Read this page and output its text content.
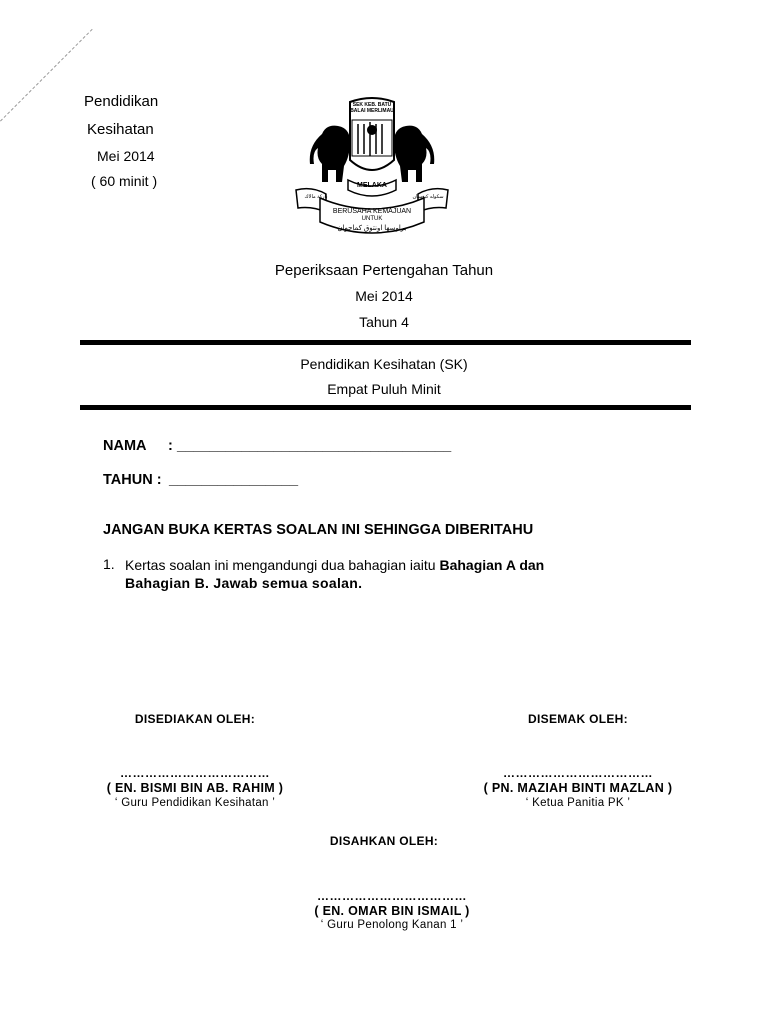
Pendidikan
Kesihatan
Mei 2014
( 60 minit )
SEK KEB. BATU BALAI MERLIMAU
MELAKA
باركة مالاك	سكوله كبغسان
BERUSAHA KEMAJUAN
UNTUK
براوسها اونتوق كماجوان
Peperiksaan Pertengahan Tahun
Mei 2014
Tahun 4
Pendidikan Kesihatan (SK)
Empat Puluh Minit
NAMA : __________________________________
TAHUN : ________________
JANGAN BUKA KERTAS SOALAN INI SEHINGGA DIBERITAHU
1. Kertas soalan ini mengandungi dua bahagian iaitu Bahagian A dan
Bahagian B. Jawab semua soalan.
DISEDIAKAN OLEH:
………………………………
( EN. BISMI BIN AB. RAHIM )
‘ Guru Pendidikan Kesihatan ’
DISEMAK OLEH:
………………………………
( PN. MAZIAH BINTI MAZLAN )
‘ Ketua Panitia PK ’
DISAHKAN OLEH:
………………………………
( EN. OMAR BIN ISMAIL )
‘ Guru Penolong Kanan 1 ’
